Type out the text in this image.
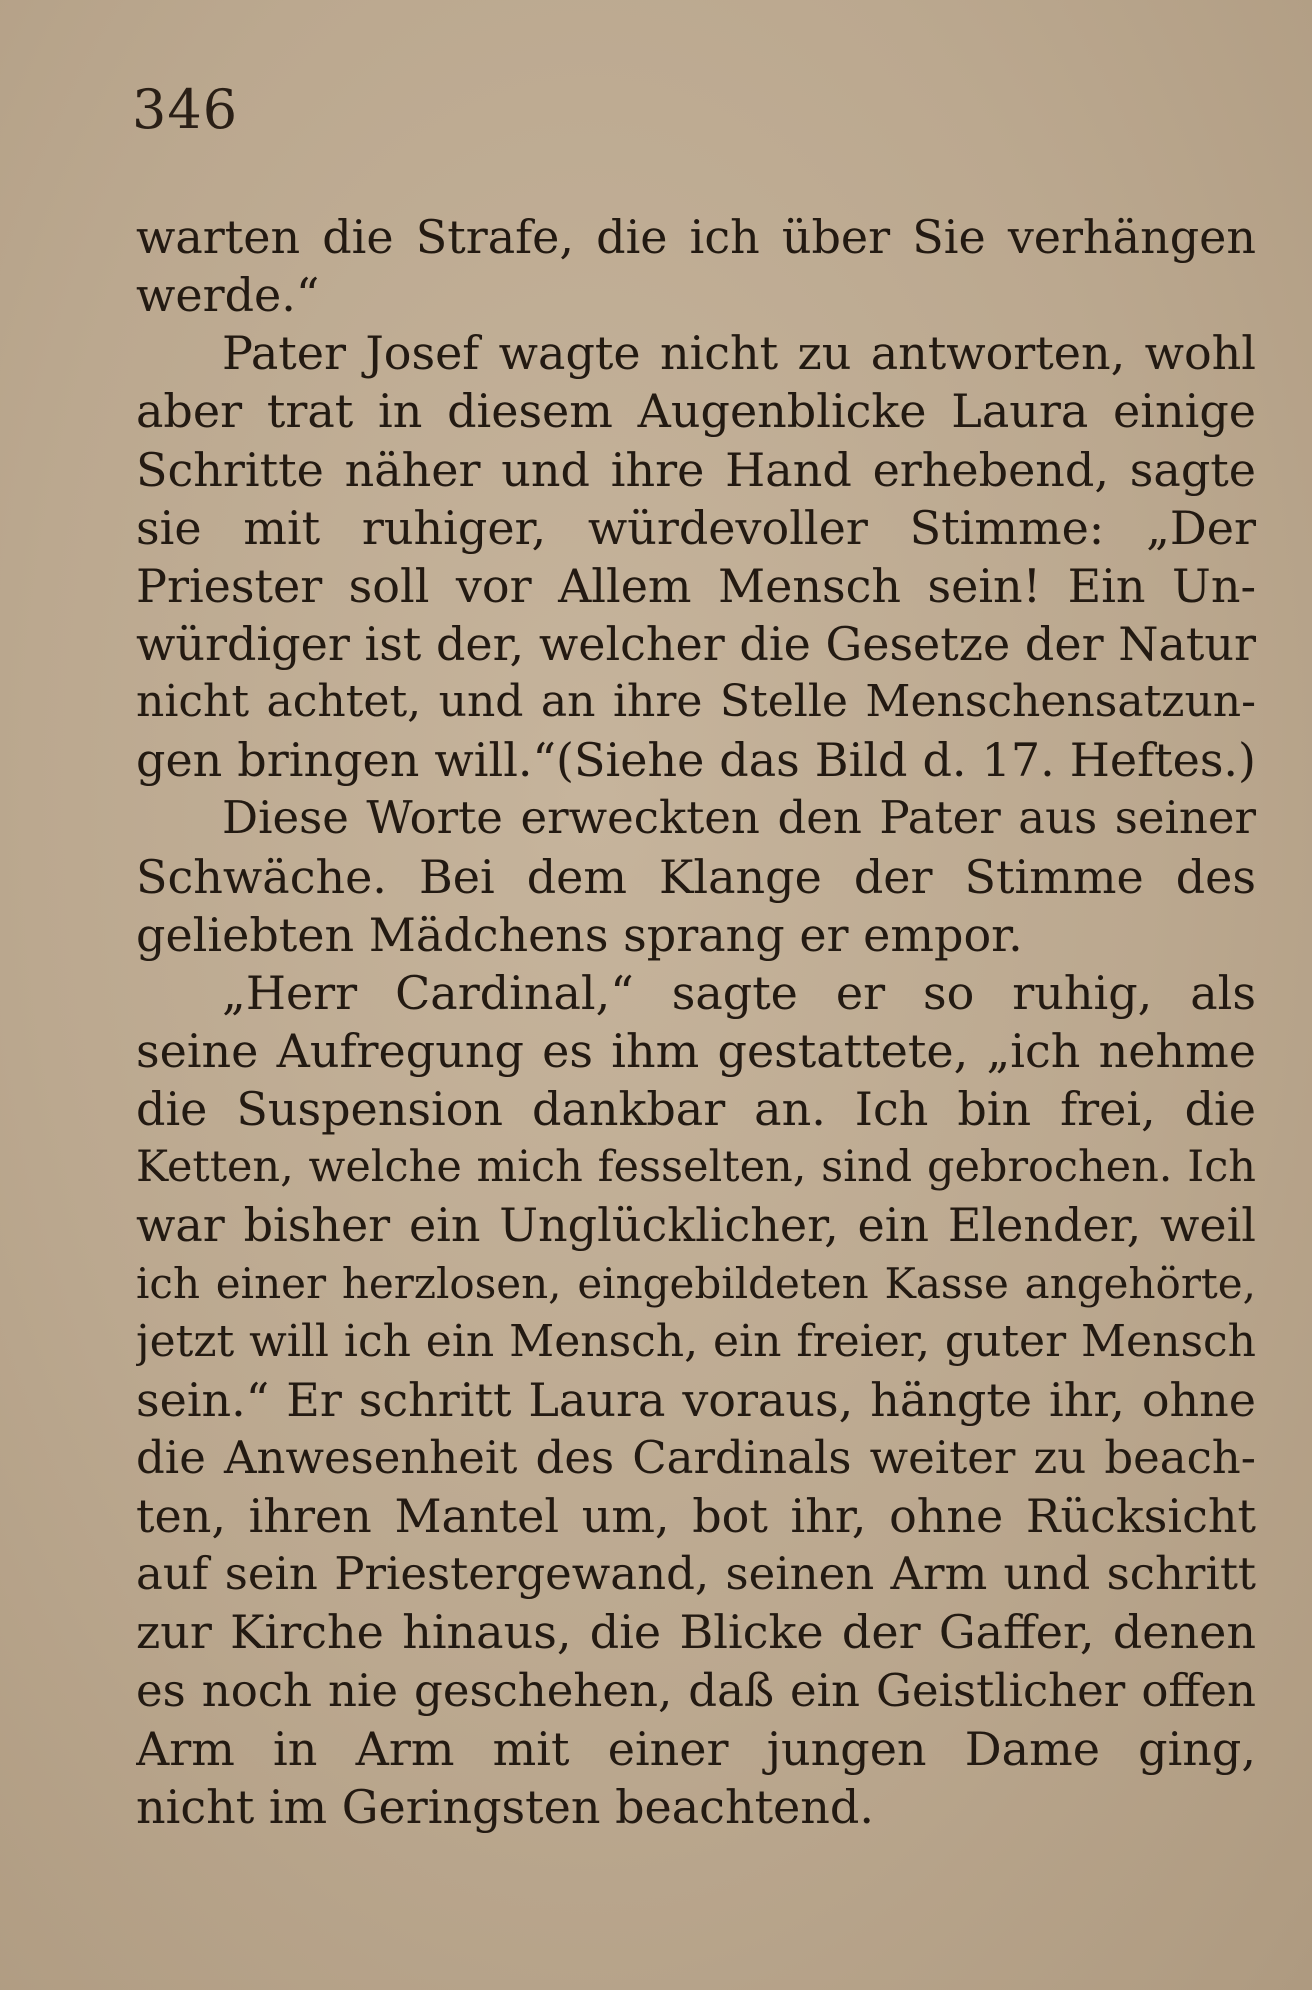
346
warten die Strafe, die ich über Sie verhängen
werde.“
Pater Josef wagte nicht zu antworten, wohl
aber trat in diesem Augenblicke Laura einige
Schritte näher und ihre Hand erhebend, sagte
sie mit ruhiger, würdevoller Stimme: „Der
Priester soll vor Allem Mensch sein! Ein Un-
würdiger ist der, welcher die Gesetze der Natur
nicht achtet, und an ihre Stelle Menschensatzun-
gen bringen will.“(Siehe das Bild d. 17. Heftes.)
Diese Worte erweckten den Pater aus seiner
Schwäche. Bei dem Klange der Stimme des
geliebten Mädchens sprang er empor.
„Herr Cardinal,“ sagte er so ruhig, als
seine Aufregung es ihm gestattete, „ich nehme
die Suspension dankbar an. Ich bin frei, die
Ketten, welche mich fesselten, sind gebrochen. Ich
war bisher ein Unglücklicher, ein Elender, weil
ich einer herzlosen, eingebildeten Kasse angehörte,
jetzt will ich ein Mensch, ein freier, guter Mensch
sein.“ Er schritt Laura voraus, hängte ihr, ohne
die Anwesenheit des Cardinals weiter zu beach-
ten, ihren Mantel um, bot ihr, ohne Rücksicht
auf sein Priestergewand, seinen Arm und schritt
zur Kirche hinaus, die Blicke der Gaffer, denen
es noch nie geschehen, daß ein Geistlicher offen
Arm in Arm mit einer jungen Dame ging,
nicht im Geringsten beachtend.
